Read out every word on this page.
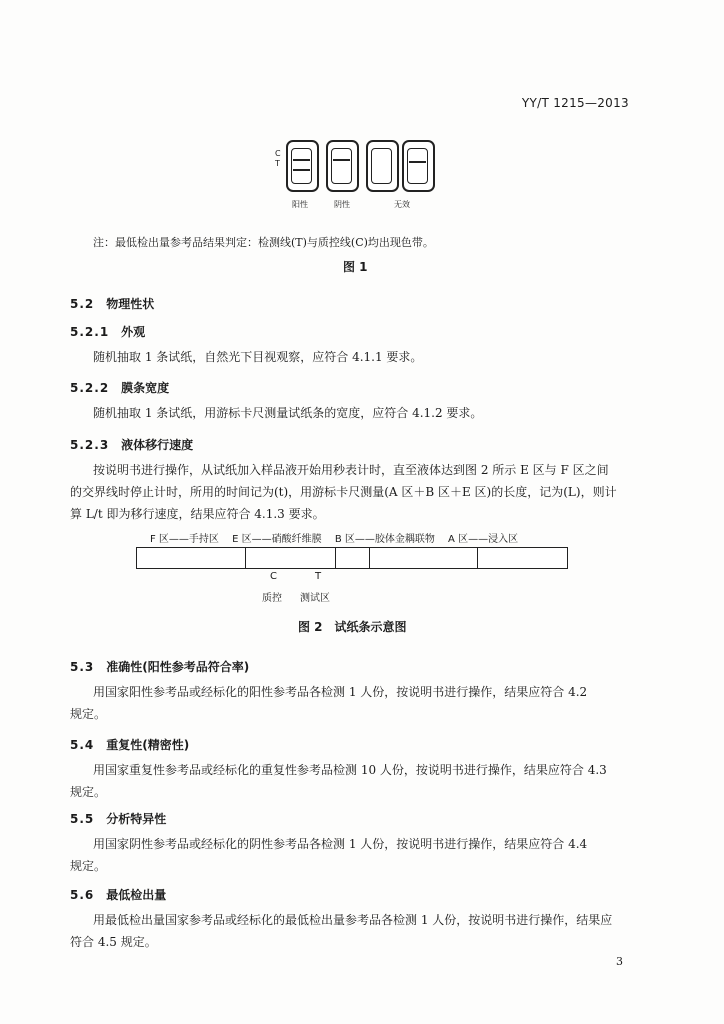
YY/T 1215—2013
C
T
阳性	阴性	无效
注：最低检出量参考品结果判定：检测线(T)与质控线(C)均出现色带。
图 1
5.2 物理性状
5.2.1 外观
随机抽取 1 条试纸，自然光下目视观察，应符合 4.1.1 要求。
5.2.2 膜条宽度
随机抽取 1 条试纸，用游标卡尺测量试纸条的宽度，应符合 4.1.2 要求。
5.2.3 液体移行速度
按说明书进行操作，从试纸加入样品液开始用秒表计时，直至液体达到图 2 所示 E 区与 F 区之间
的交界线时停止计时，所用的时间记为(t)，用游标卡尺测量(A 区＋B 区＋E 区)的长度，记为(L)，则计
算 L/t 即为移行速度，结果应符合 4.1.3 要求。
F 区——手持区 E 区——硝酸纤维膜 B 区——胶体金耦联物 A 区——浸入区
C	T
质控 测试区
图 2　试纸条示意图
5.3 准确性(阳性参考品符合率)
用国家阳性参考品或经标化的阳性参考品各检测 1 人份，按说明书进行操作，结果应符合 4.2
规定。
5.4 重复性(精密性)
用国家重复性参考品或经标化的重复性参考品检测 10 人份，按说明书进行操作，结果应符合 4.3
规定。
5.5 分析特异性
用国家阴性参考品或经标化的阴性参考品各检测 1 人份，按说明书进行操作，结果应符合 4.4
规定。
5.6 最低检出量
用最低检出量国家参考品或经标化的最低检出量参考品各检测 1 人份，按说明书进行操作，结果应
符合 4.5 规定。
3
